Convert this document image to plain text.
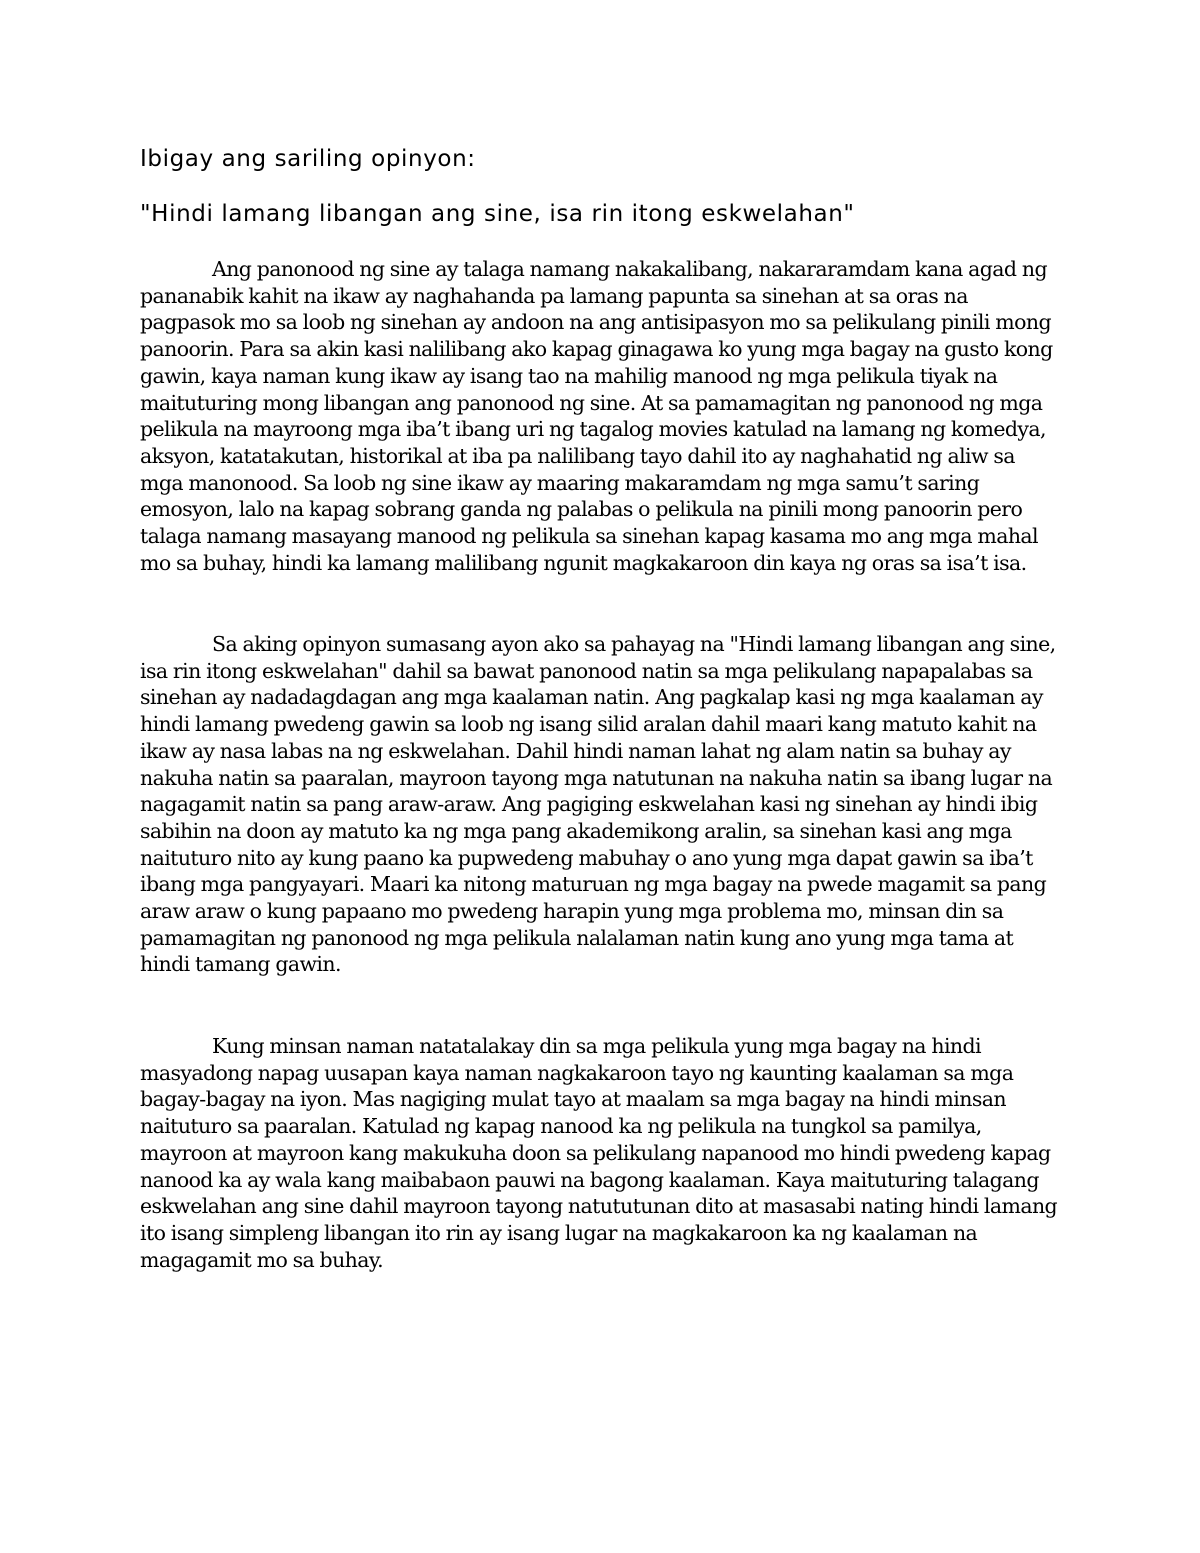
Ibigay ang sariling opinyon:
"Hindi lamang libangan ang sine, isa rin itong eskwelahan"

Ang panonood ng sine ay talaga namang nakakalibang, nakararamdam kana agad ng pananabik kahit na ikaw ay naghahanda pa lamang papunta sa sinehan at sa oras na pagpasok mo sa loob ng sinehan ay andoon na ang antisipasyon mo sa pelikulang pinili mong panoorin. Para sa akin kasi nalilibang ako kapag ginagawa ko yung mga bagay na gusto kong gawin, kaya naman kung ikaw ay isang tao na mahilig manood ng mga pelikula tiyak na maituturing mong libangan ang panonood ng sine. At sa pamamagitan ng panonood ng mga pelikula na mayroong mga iba’t ibang uri ng tagalog movies katulad na lamang ng komedya, aksyon, katatakutan, historikal at iba pa nalilibang tayo dahil ito ay naghahatid ng aliw sa mga manonood. Sa loob ng sine ikaw ay maaring makaramdam ng mga samu’t saring emosyon, lalo na kapag sobrang ganda ng palabas o pelikula na pinili mong panoorin pero talaga namang masayang manood ng pelikula sa sinehan kapag kasama mo ang mga mahal mo sa buhay, hindi ka lamang malilibang ngunit magkakaroon din kaya ng oras sa isa’t isa.

Sa aking opinyon sumasang ayon ako sa pahayag na "Hindi lamang libangan ang sine, isa rin itong eskwelahan" dahil sa bawat panonood natin sa mga pelikulang napapalabas sa sinehan ay nadadagdagan ang mga kaalaman natin. Ang pagkalap kasi ng mga kaalaman ay hindi lamang pwedeng gawin sa loob ng isang silid aralan dahil maari kang matuto kahit na ikaw ay nasa labas na ng eskwelahan. Dahil hindi naman lahat ng alam natin sa buhay ay nakuha natin sa paaralan, mayroon tayong mga natutunan na nakuha natin sa ibang lugar na nagagamit natin sa pang araw-araw. Ang pagiging eskwelahan kasi ng sinehan ay hindi ibig sabihin na doon ay matuto ka ng mga pang akademikong aralin, sa sinehan kasi ang mga naituturo nito ay kung paano ka pupwedeng mabuhay o ano yung mga dapat gawin sa iba’t ibang mga pangyayari. Maari ka nitong maturuan ng mga bagay na pwede magamit sa pang araw araw o kung papaano mo pwedeng harapin yung mga problema mo, minsan din sa pamamagitan ng panonood ng mga pelikula nalalaman natin kung ano yung mga tama at hindi tamang gawin.

Kung minsan naman natatalakay din sa mga pelikula yung mga bagay na hindi masyadong napag uusapan kaya naman nagkakaroon tayo ng kaunting kaalaman sa mga bagay-bagay na iyon. Mas nagiging mulat tayo at maalam sa mga bagay na hindi minsan naituturo sa paaralan. Katulad ng kapag nanood ka ng pelikula na tungkol sa pamilya, mayroon at mayroon kang makukuha doon sa pelikulang napanood mo hindi pwedeng kapag nanood ka ay wala kang maibabaon pauwi na bagong kaalaman. Kaya maituturing talagang eskwelahan ang sine dahil mayroon tayong natututunan dito at masasabi nating hindi lamang ito isang simpleng libangan ito rin ay isang lugar na magkakaroon ka ng kaalaman na magagamit mo sa buhay.
